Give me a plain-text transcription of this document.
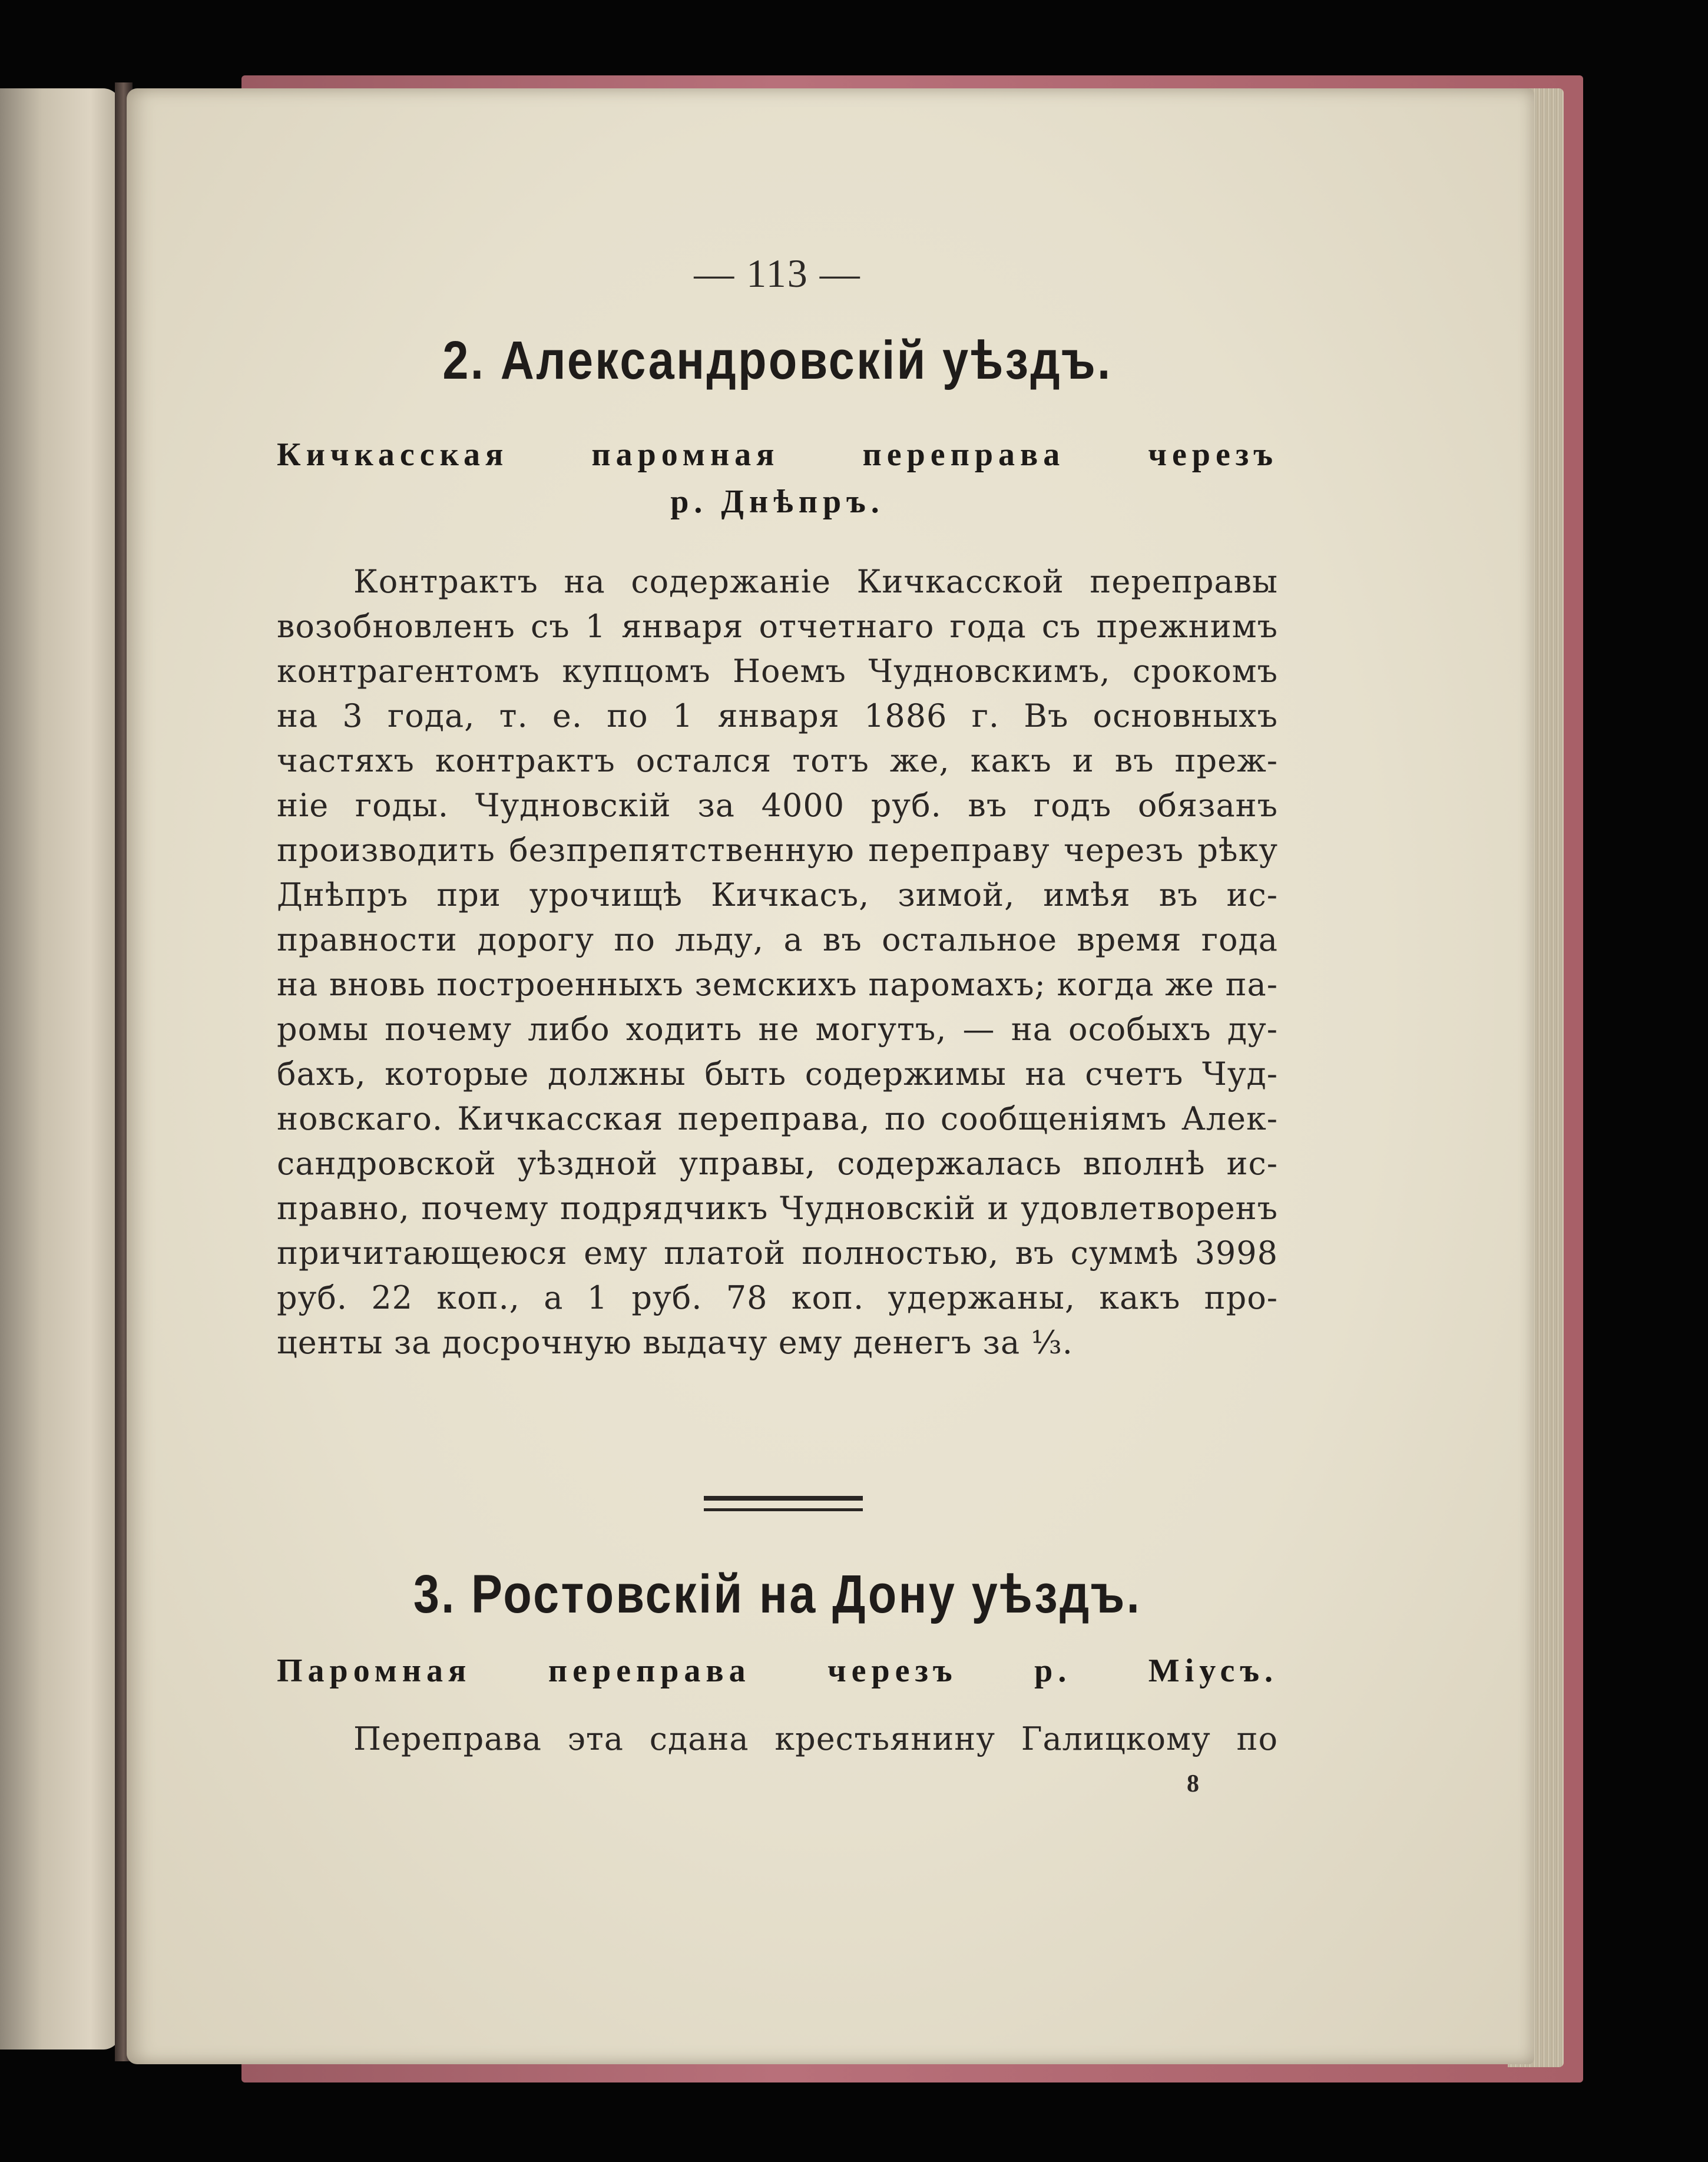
— 113 —
2. Александровскій уѣздъ.
Кичкасская паромная переправа черезъ
р. Днѣпръ.
Контрактъ на содержаніе Кичкасской переправы
возобновленъ съ 1 января отчетнаго года съ прежнимъ
контрагентомъ купцомъ Ноемъ Чудновскимъ, срокомъ
на 3 года, т. е. по 1 января 1886 г. Въ основныхъ
частяхъ контрактъ остался тотъ же, какъ и въ преж-
ніе годы. Чудновскій за 4000 руб. въ годъ обязанъ
производить безпрепятственную переправу черезъ рѣку
Днѣпръ при урочищѣ Кичкасъ, зимой, имѣя въ ис-
правности дорогу по льду, а въ остальное время года
на вновь построенныхъ земскихъ паромахъ; когда же па-
ромы почему либо ходить не могутъ, — на особыхъ ду-
бахъ, которые должны быть содержимы на счетъ Чуд-
новскаго. Кичкасская переправа, по сообщеніямъ Алек-
сандровской уѣздной управы, содержалась вполнѣ ис-
правно, почему подрядчикъ Чудновскій и удовлетворенъ
причитающеюся ему платой полностью, въ суммѣ 3998
руб. 22 коп., а 1 руб. 78 коп. удержаны, какъ про-
центы за досрочную выдачу ему денегъ за ⅓.
3. Ростовскій на Дону уѣздъ.
Паромная переправа черезъ р. Міусъ.
Переправа эта сдана крестьянину Галицкому по
8
